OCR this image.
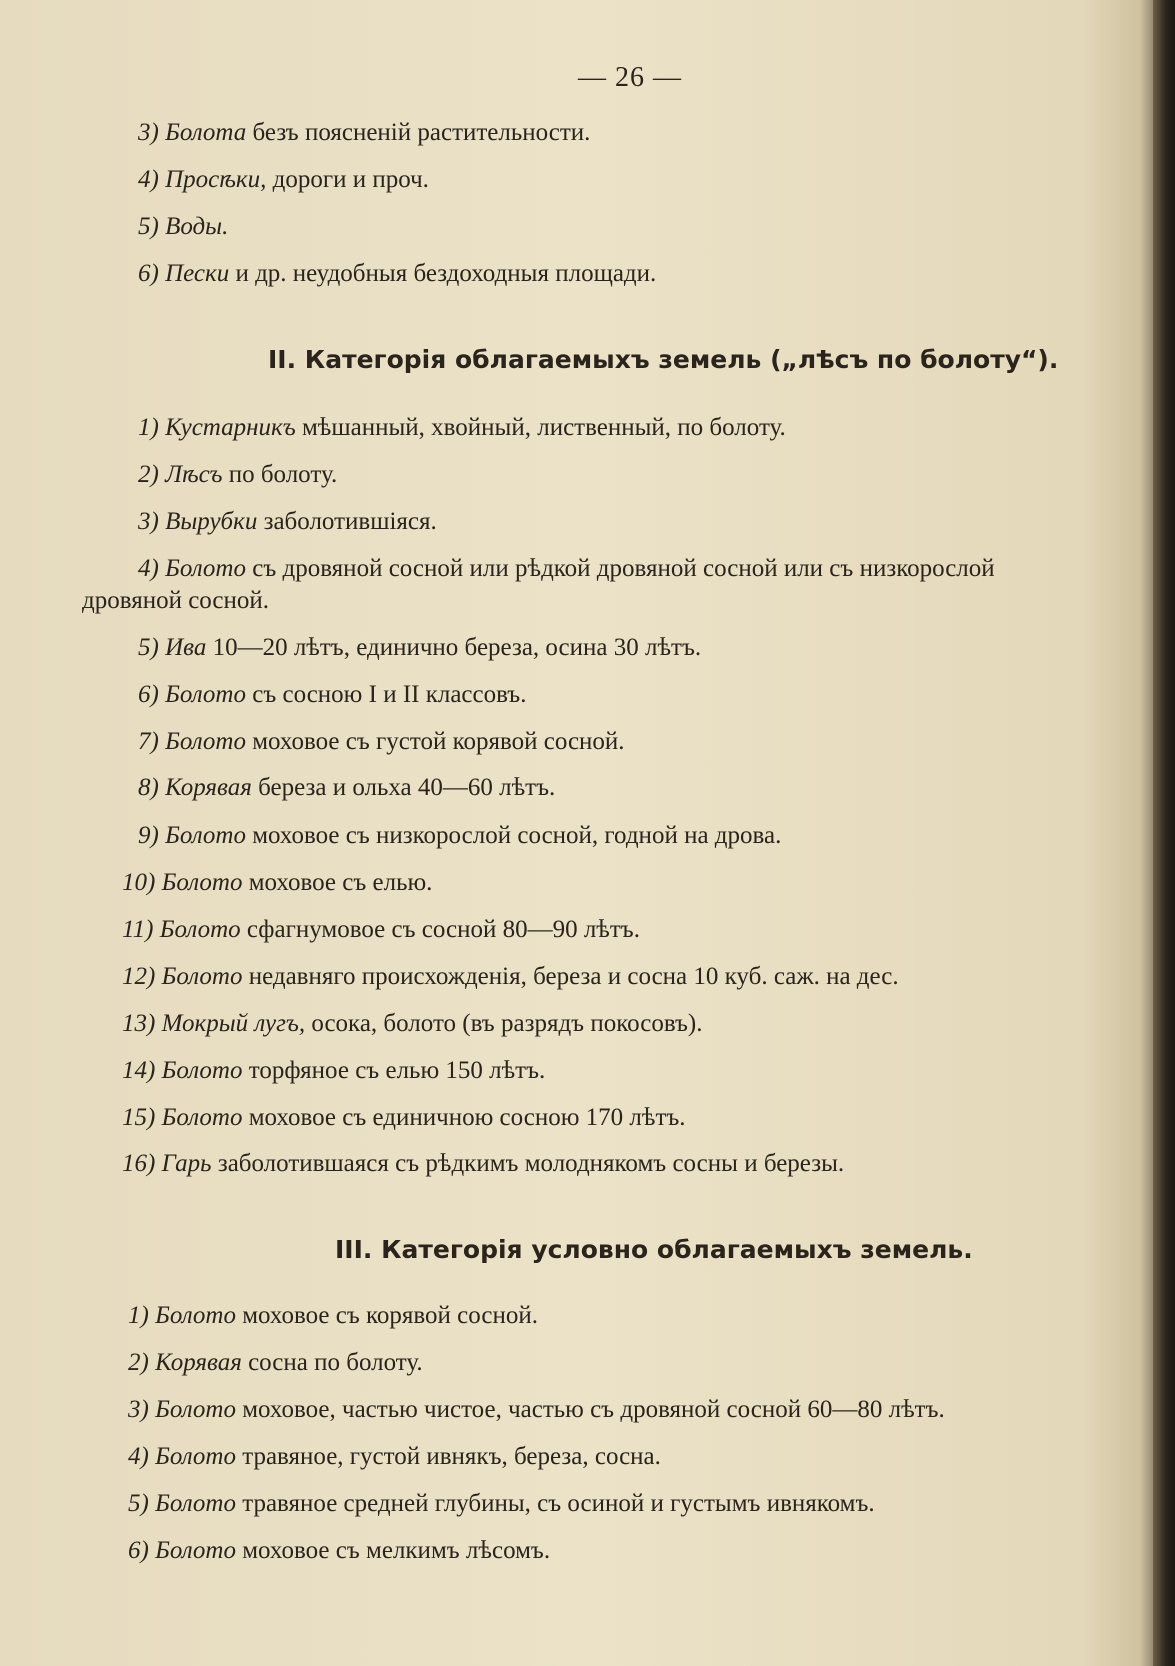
— 26 —
3) Болота безъ поясненій растительности.
4) Просѣки, дороги и проч.
5) Воды.
6) Пески и др. неудобныя бездоходныя площади.
II. Категорія облагаемыхъ земель („лѣсъ по болоту“).
1) Кустарникъ мѣшанный, хвойный, лиственный, по болоту.
2) Лѣсъ по болоту.
3) Вырубки заболотившiяся.
4) Болото съ дровяной сосной или рѣдкой дровяной сосной или съ низкорослой
дровяной сосной.
5) Ива 10—20 лѣтъ, единично береза, осина 30 лѣтъ.
6) Болото съ сосною I и II классовъ.
7) Болото моховое съ густой корявой сосной.
8) Корявая береза и ольха 40—60 лѣтъ.
9) Болото моховое съ низкорослой сосной, годной на дрова.
10) Болото моховое съ елью.
11) Болото сфагнумовое съ сосной 80—90 лѣтъ.
12) Болото недавняго происхожденія, береза и сосна 10 куб. саж. на дес.
13) Мокрый лугъ, осока, болото (въ разрядъ покосовъ).
14) Болото торфяное съ елью 150 лѣтъ.
15) Болото моховое съ единичною сосною 170 лѣтъ.
16) Гарь заболотившаяся съ рѣдкимъ молоднякомъ сосны и березы.
III. Категорія условно облагаемыхъ земель.
1) Болото моховое съ корявой сосной.
2) Корявая сосна по болоту.
3) Болото моховое, частью чистое, частью съ дровяной сосной 60—80 лѣтъ.
4) Болото травяное, густой ивнякъ, береза, сосна.
5) Болото травяное средней глубины, съ осиной и густымъ ивнякомъ.
6) Болото моховое съ мелкимъ лѣсомъ.
